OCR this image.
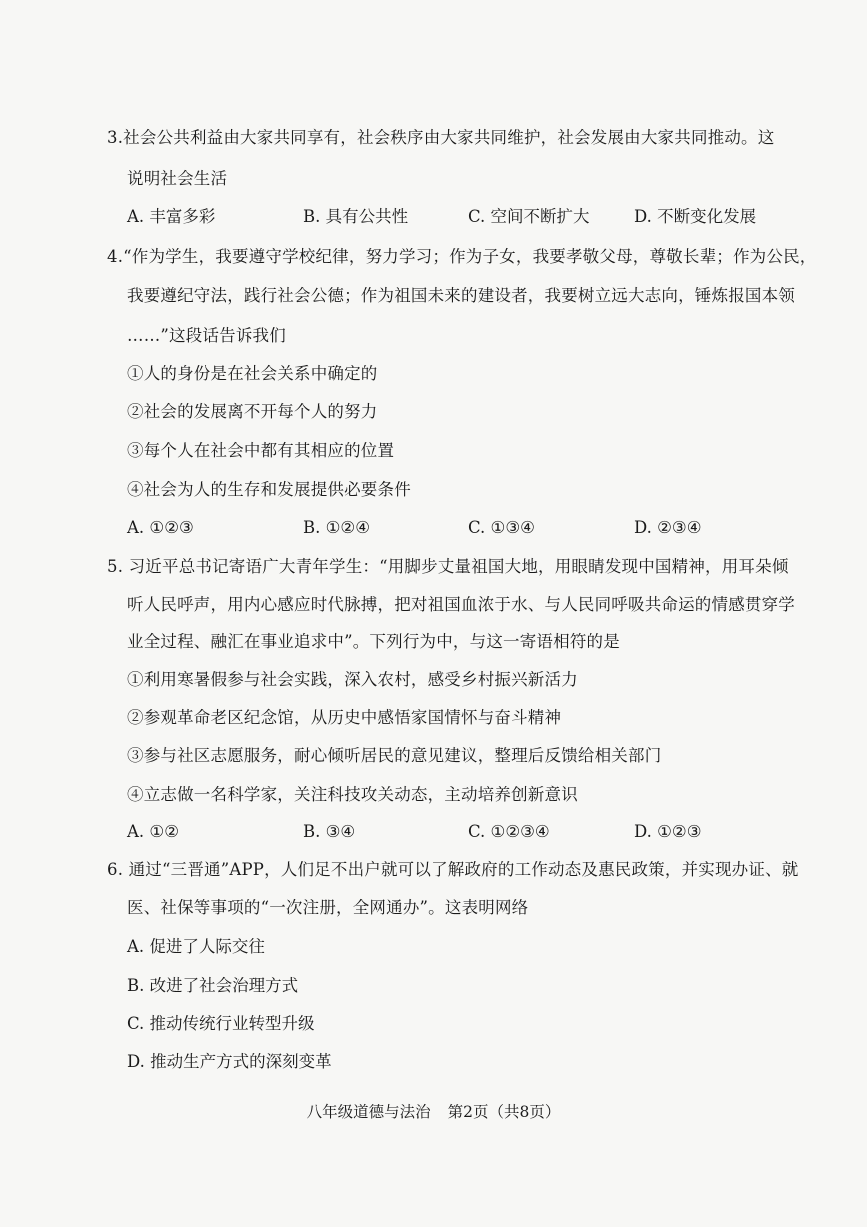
3.社会公共利益由大家共同享有，社会秩序由大家共同维护，社会发展由大家共同推动。这
说明社会生活
A. 丰富多彩	B. 具有公共性	C. 空间不断扩大	D. 不断变化发展
4.“作为学生，我要遵守学校纪律，努力学习；作为子女，我要孝敬父母，尊敬长辈；作为公民，
我要遵纪守法，践行社会公德；作为祖国未来的建设者，我要树立远大志向，锤炼报国本领
……”这段话告诉我们
①人的身份是在社会关系中确定的
②社会的发展离不开每个人的努力
③每个人在社会中都有其相应的位置
④社会为人的生存和发展提供必要条件
A. ①②③	B. ①②④	C. ①③④	D. ②③④
5. 习近平总书记寄语广大青年学生：“用脚步丈量祖国大地，用眼睛发现中国精神，用耳朵倾
听人民呼声，用内心感应时代脉搏，把对祖国血浓于水、与人民同呼吸共命运的情感贯穿学
业全过程、融汇在事业追求中”。下列行为中，与这一寄语相符的是
①利用寒暑假参与社会实践，深入农村，感受乡村振兴新活力
②参观革命老区纪念馆，从历史中感悟家国情怀与奋斗精神
③参与社区志愿服务，耐心倾听居民的意见建议，整理后反馈给相关部门
④立志做一名科学家，关注科技攻关动态，主动培养创新意识
A. ①②	B. ③④	C. ①②③④	D. ①②③
6. 通过“三晋通”APP，人们足不出户就可以了解政府的工作动态及惠民政策，并实现办证、就
医、社保等事项的“一次注册，全网通办”。这表明网络
A. 促进了人际交往
B. 改进了社会治理方式
C. 推动传统行业转型升级
D. 推动生产方式的深刻变革
八年级道德与法治 第2页（共8页）
